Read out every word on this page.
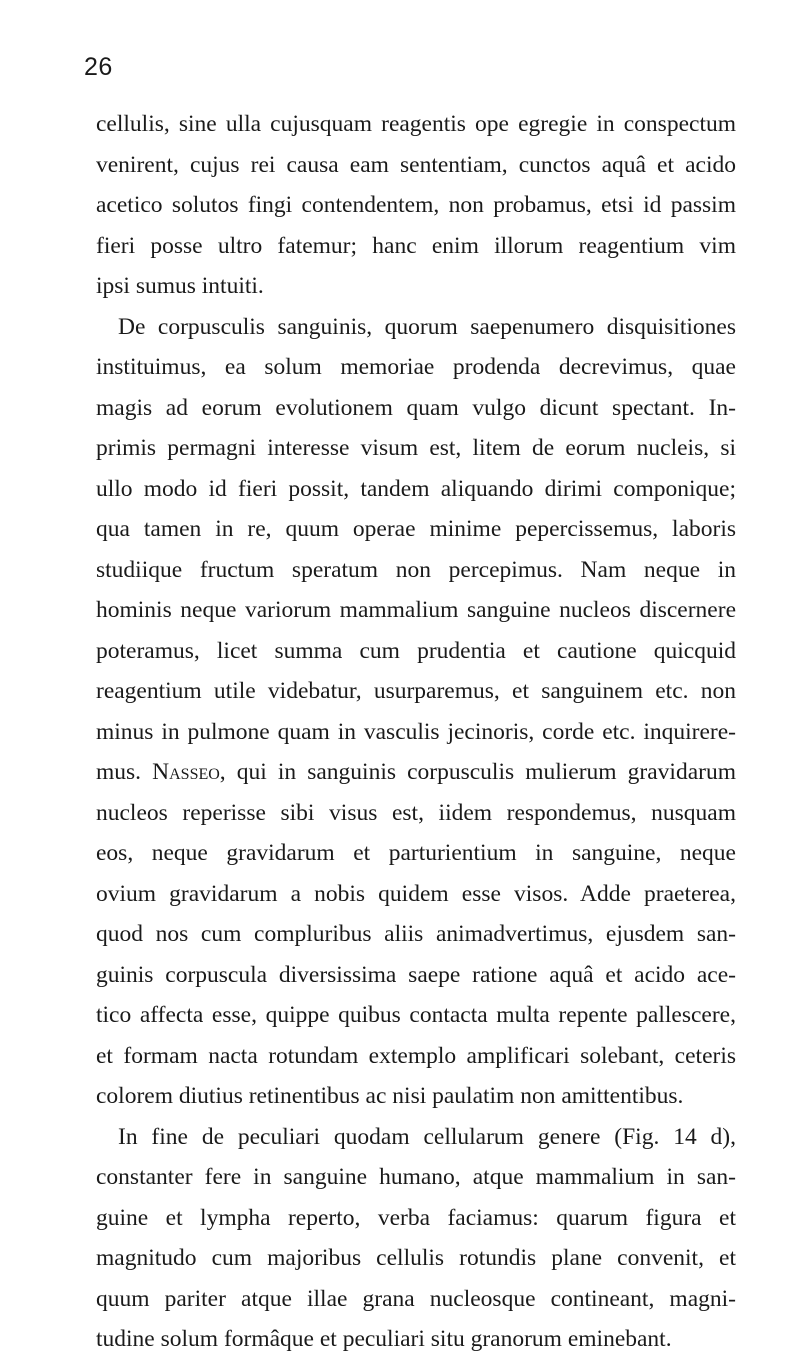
26
cellulis, sine ulla cujusquam reagentis ope egregie in conspectum
venirent, cujus rei causa eam sententiam, cunctos aquâ et acido
acetico solutos fingi contendentem, non probamus, etsi id passim
fieri posse ultro fatemur; hanc enim illorum reagentium vim
ipsi sumus intuiti.
De corpusculis sanguinis, quorum saepenumero disquisitiones
instituimus, ea solum memoriae prodenda decrevimus, quae
magis ad eorum evolutionem quam vulgo dicunt spectant. In-
primis permagni interesse visum est, litem de eorum nucleis, si
ullo modo id fieri possit, tandem aliquando dirimi componique;
qua tamen in re, quum operae minime pepercissemus, laboris
studiique fructum speratum non percepimus. Nam neque in
hominis neque variorum mammalium sanguine nucleos discernere
poteramus, licet summa cum prudentia et cautione quicquid
reagentium utile videbatur, usurparemus, et sanguinem etc. non
minus in pulmone quam in vasculis jecinoris, corde etc. inquirere-
mus. Nasseo, qui in sanguinis corpusculis mulierum gravidarum
nucleos reperisse sibi visus est, iidem respondemus, nusquam
eos, neque gravidarum et parturientium in sanguine, neque
ovium gravidarum a nobis quidem esse visos. Adde praeterea,
quod nos cum compluribus aliis animadvertimus, ejusdem san-
guinis corpuscula diversissima saepe ratione aquâ et acido ace-
tico affecta esse, quippe quibus contacta multa repente pallescere,
et formam nacta rotundam extemplo amplificari solebant, ceteris
colorem diutius retinentibus ac nisi paulatim non amittentibus.
In fine de peculiari quodam cellularum genere (Fig. 14 d),
constanter fere in sanguine humano, atque mammalium in san-
guine et lympha reperto, verba faciamus: quarum figura et
magnitudo cum majoribus cellulis rotundis plane convenit, et
quum pariter atque illae grana nucleosque contineant, magni-
tudine solum formâque et peculiari situ granorum eminebant.
